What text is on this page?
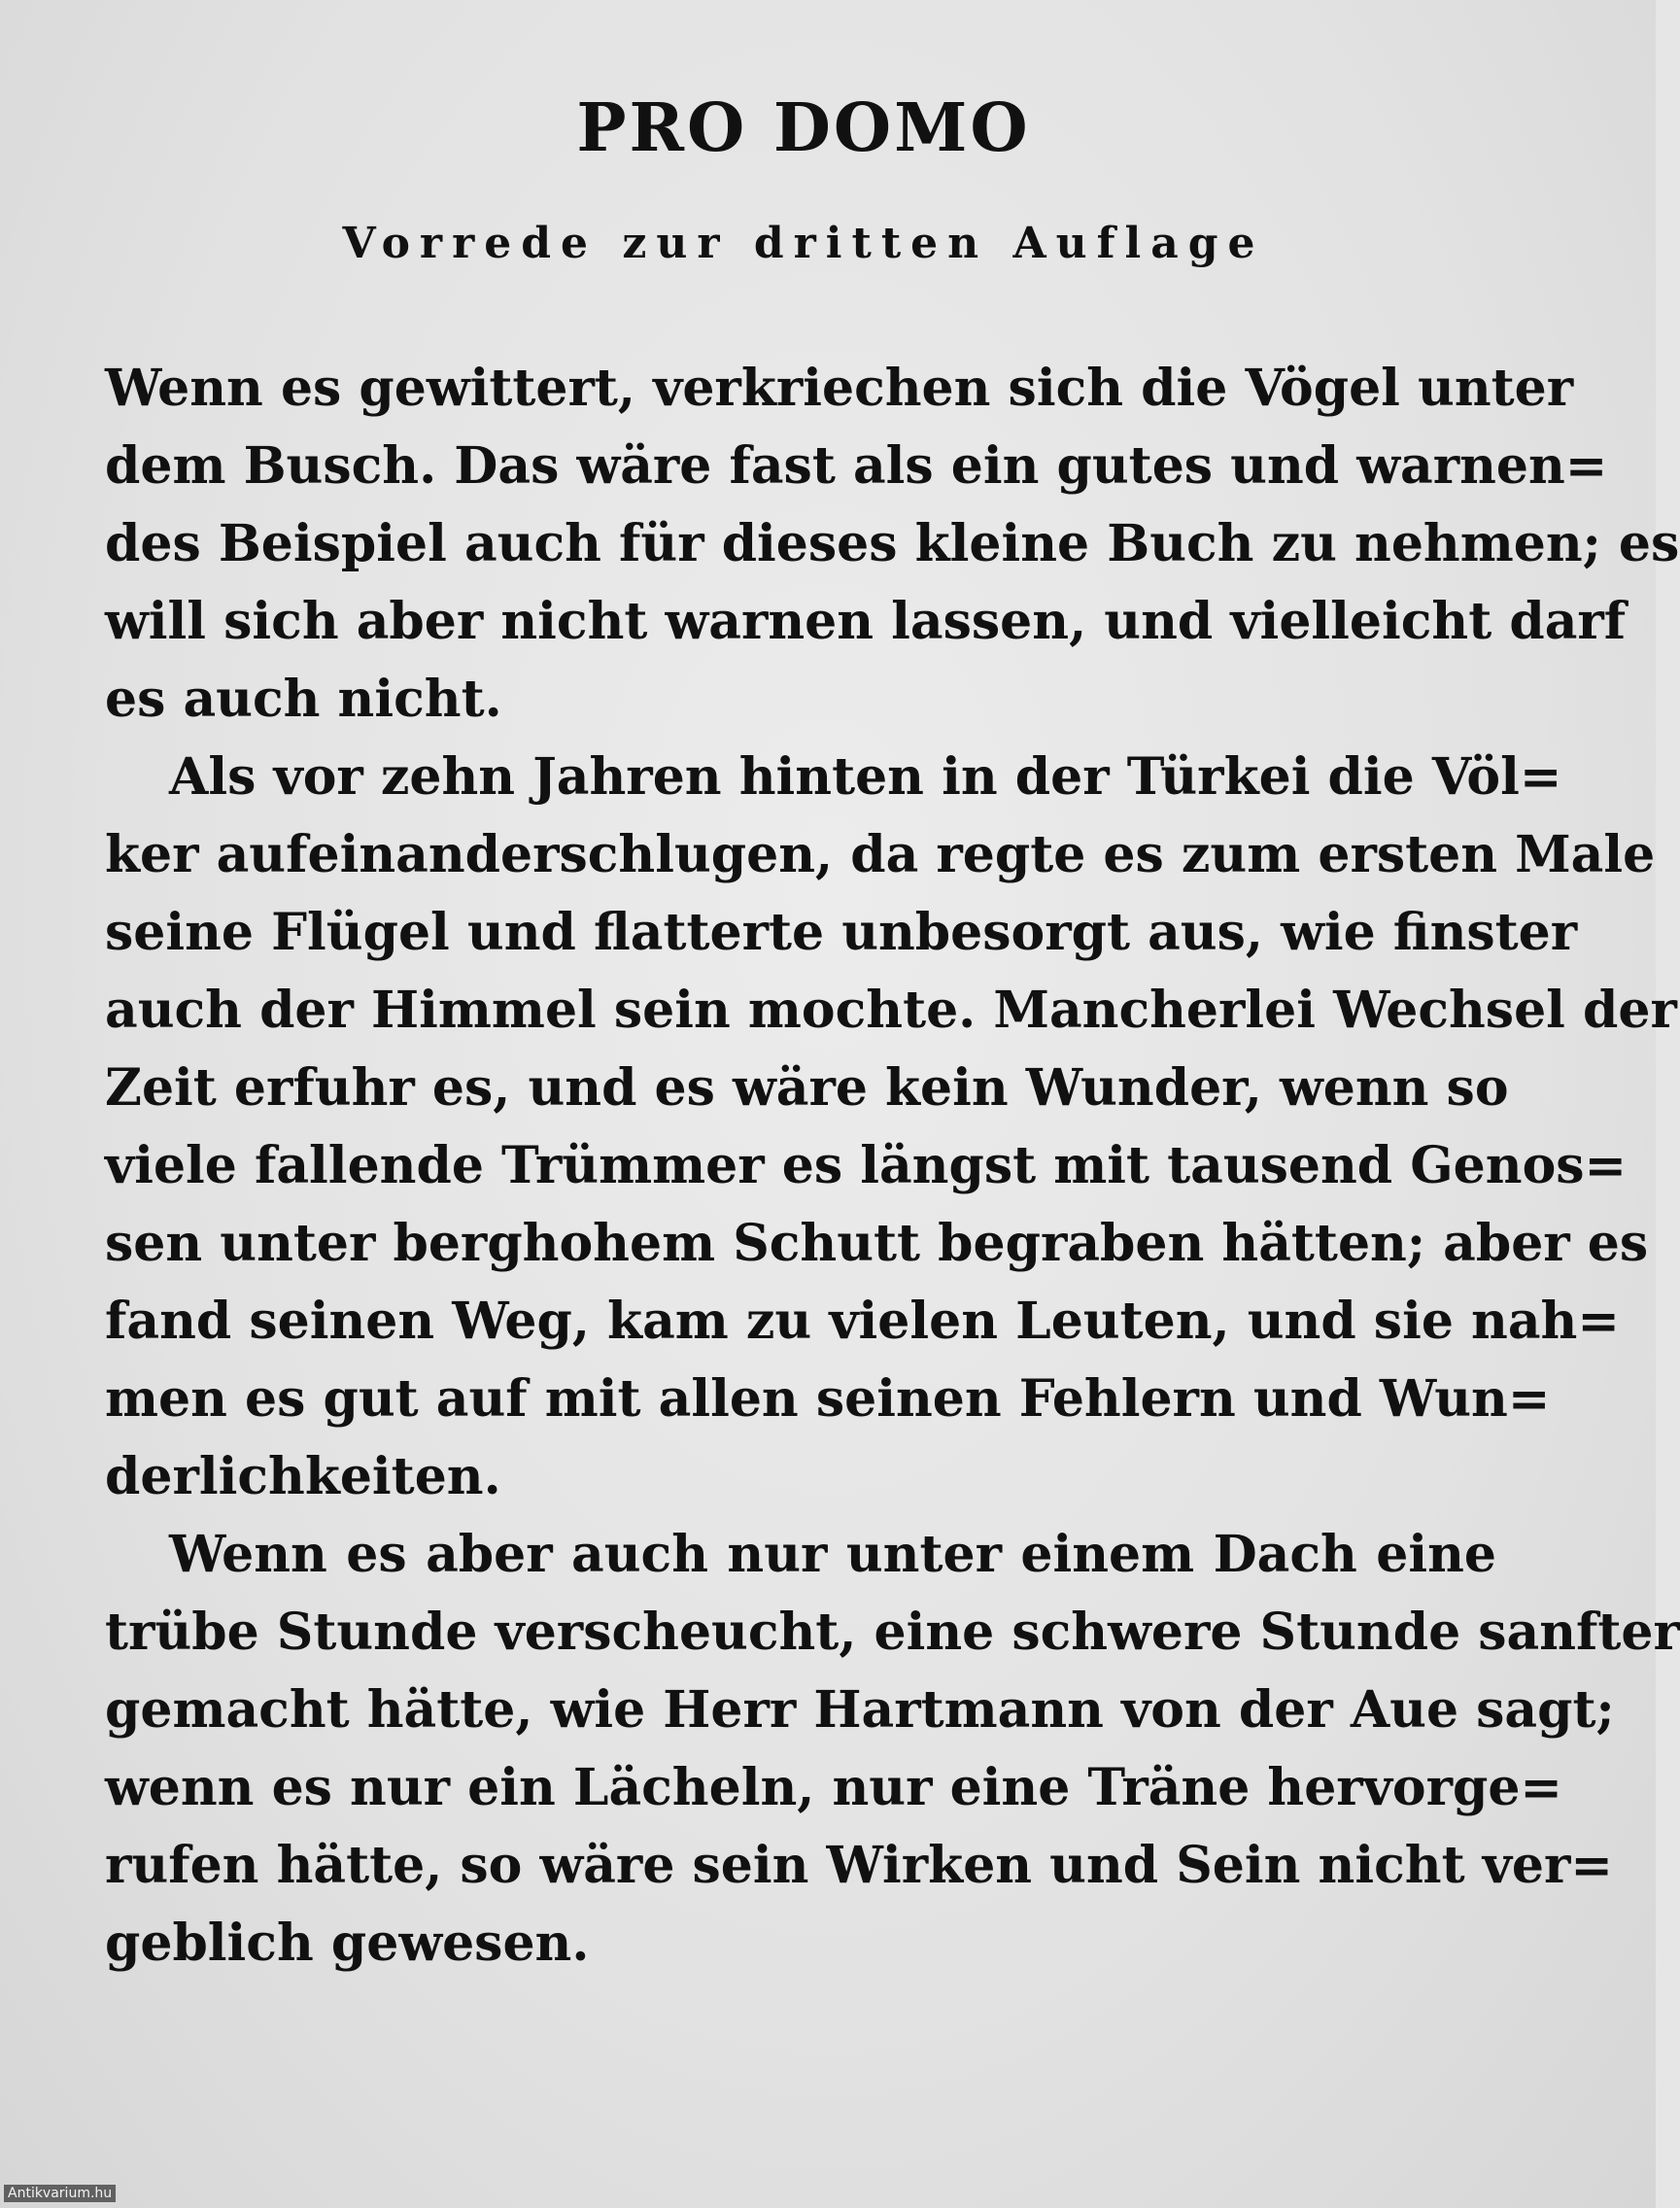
PRO DOMO
Vorrede zur dritten Auflage
Wenn es gewittert, verkriechen sich die Vögel unter
dem Busch. Das wäre fast als ein gutes und warnen=
des Beispiel auch für dieses kleine Buch zu nehmen; es
will sich aber nicht warnen lassen, und vielleicht darf
es auch nicht.
Als vor zehn Jahren hinten in der Türkei die Völ=
ker aufeinanderschlugen, da regte es zum ersten Male
seine Flügel und flatterte unbesorgt aus, wie finster
auch der Himmel sein mochte. Mancherlei Wechsel der
Zeit erfuhr es, und es wäre kein Wunder, wenn so
viele fallende Trümmer es längst mit tausend Genos=
sen unter berghohem Schutt begraben hätten; aber es
fand seinen Weg, kam zu vielen Leuten, und sie nah=
men es gut auf mit allen seinen Fehlern und Wun=
derlichkeiten.
Wenn es aber auch nur unter einem Dach eine
trübe Stunde verscheucht, eine schwere Stunde sanfter
gemacht hätte, wie Herr Hartmann von der Aue sagt;
wenn es nur ein Lächeln, nur eine Träne hervorge=
rufen hätte, so wäre sein Wirken und Sein nicht ver=
geblich gewesen.
Antikvarium.hu
